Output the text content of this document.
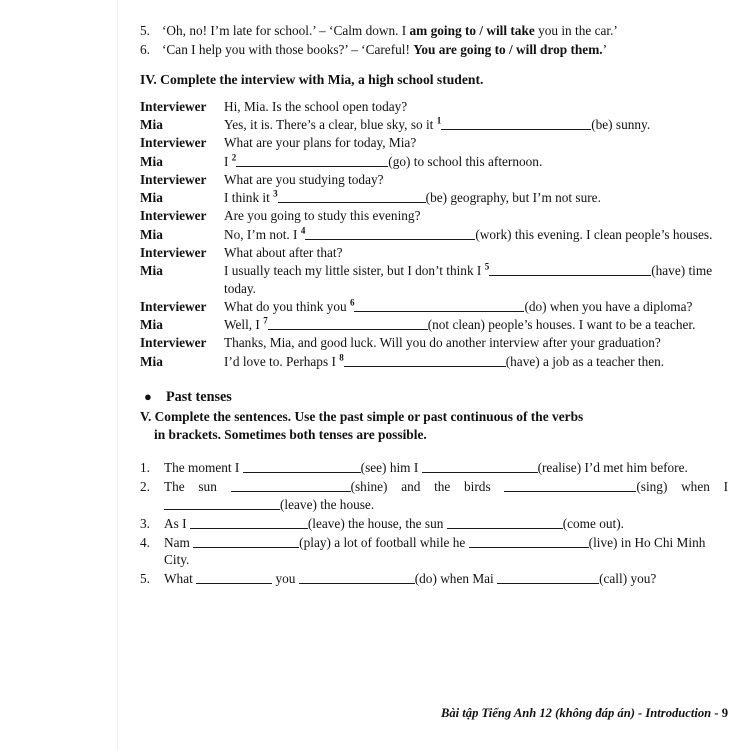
5. ‘Oh, no! I’m late for school.’ – ‘Calm down. I am going to / will take you in the car.’
6. ‘Can I help you with those books?’ – ‘Careful! You are going to / will drop them.’
IV. Complete the interview with Mia, a high school student.
Interviewer	Hi, Mia. Is the school open today?
Mia	Yes, it is. There’s a clear, blue sky, so it $^1$ (be) sunny.
Interviewer	What are your plans for today, Mia?
Mia	I $^2$ (go) to school this afternoon.
Interviewer	What are you studying today?
Mia	I think it $^3$ (be) geography, but I’m not sure.
Interviewer	Are you going to study this evening?
Mia	No, I’m not. I $^4$ (work) this evening. I clean people’s houses.
Interviewer	What about after that?
Mia	I usually teach my little sister, but I don’t think I $^5$ (have) time today.
Interviewer	What do you think you $^6$ (do) when you have a diploma?
Mia	Well, I $^7$ (not clean) people’s houses. I want to be a teacher.
Interviewer	Thanks, Mia, and good luck. Will you do another interview after your graduation?
Mia	I’d love to. Perhaps I $^8$ (have) a job as a teacher then.
● Past tenses
V. Complete the sentences. Use the past simple or past continuous of the verbs
in brackets. Sometimes both tenses are possible.
1.	The moment I	(see) him I	(realise) I’d met him before.
2.	The sun	(shine) and the birds	(sing) when I (leave) the house.
3.	As I	(leave) the house, the sun	(come out).
4.	Nam	(play) a lot of football while he	(live) in Ho Chi Minh City.
5.	What	you	(do) when Mai	(call) you?
Bài tập Tiếng Anh 12 (không đáp án) - Introduction - 9
